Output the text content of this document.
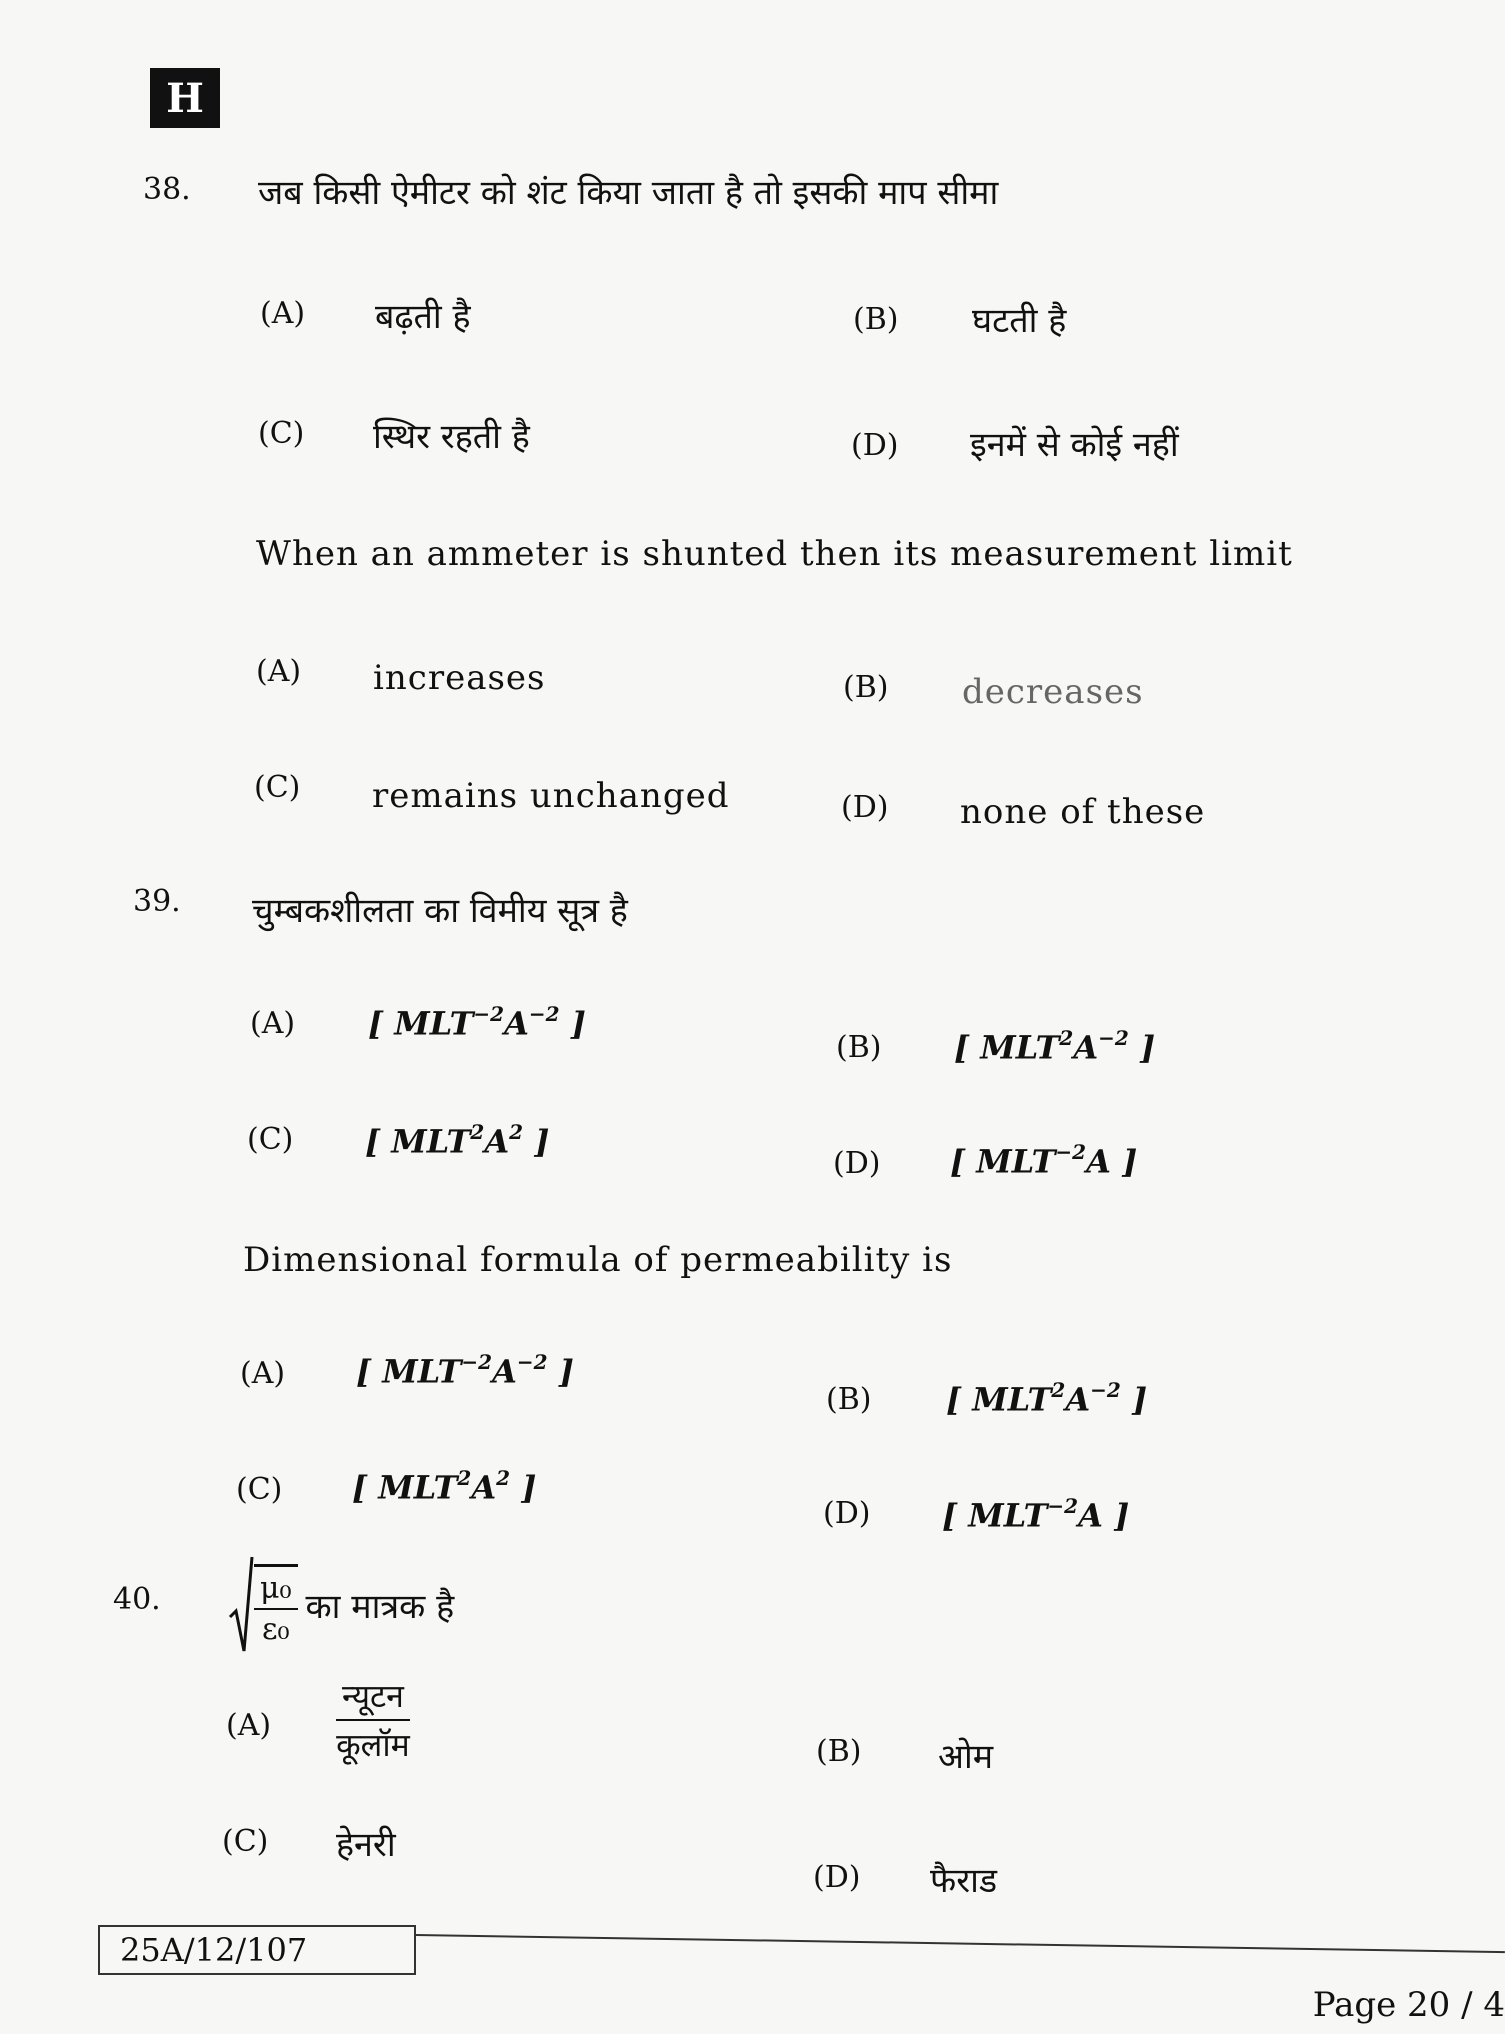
H
38. जब किसी ऐमीटर को शंट किया जाता है तो इसकी माप सीमा
(A) बढ़ती है	(B) घटती है
(C) स्थिर रहती है	(D) इनमें से कोई नहीं
When an ammeter is shunted then its measurement limit
(A) increases	(B) decreases
(C) remains unchanged	(D) none of these
39. चुम्बकशीलता का विमीय सूत्र है
(A) [ $MLT^{-2}A^{-2}$ ]
(B) [ $MLT^2A^{-2}$ ]
(C) [ $MLT^2A^2$ ]
(D) [ $MLT^{-2}A$ ]
Dimensional formula of permeability is
(A) [ $MLT^{-2}A^{-2}$ ]
(B) [ $MLT^2A^{-2}$ ]
(C) [ $MLT^2A^2$ ]
(D) [ $MLT^{-2}A$ ]
40.	$\frac{\text{μ₀}}{\text{ε₀}}$ का मात्रक है
$(A) \frac{\text{न्यूटन}}{\text{कूलॉम}}$	(B) ओम
(C) हेनरी
(D) फैराड
25A/12/107
Page 20 / 4
